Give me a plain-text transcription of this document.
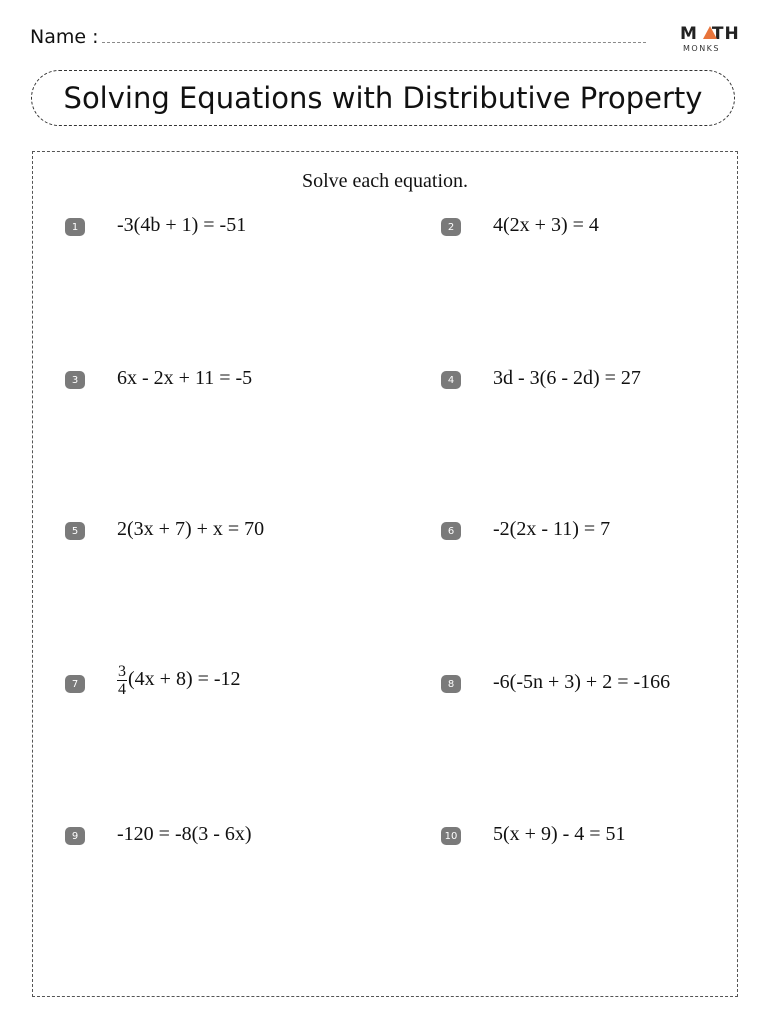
Name :	M TH
MONKS
Solving Equations with Distributive Property
Solve each equation.
1	-3(4b + 1) = -51	2	4(2x + 3) = 4
3	6x - 2x + 11 = -5	4	3d - 3(6 - 2d) = 27
5	2(3x + 7) + x = 70	6	-2(2x - 11) = 7
7	$\frac{3}{4} (4x + 8) = -12$	8	-6(-5n + 3) + 2 = -166
9	-120 = -8(3 - 6x)	10 5(x + 9) - 4 = 51
